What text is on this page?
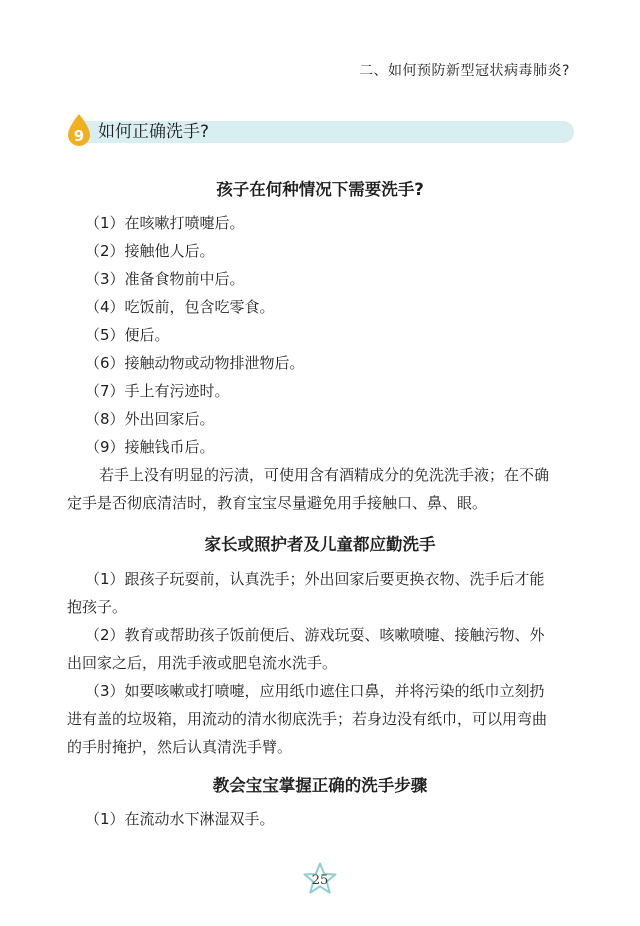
二、如何预防新型冠状病毒肺炎?
9 如何正确洗手?
孩子在何种情况下需要洗手?
（1）在咳嗽打喷嚏后。
（2）接触他人后。
（3）准备食物前中后。
（4）吃饭前，包含吃零食。
（5）便后。
（6）接触动物或动物排泄物后。
（7）手上有污迹时。
（8）外出回家后。
（9）接触钱币后。
若手上没有明显的污渍，可使用含有酒精成分的免洗洗手液；在不确
定手是否彻底清洁时，教育宝宝尽量避免用手接触口、鼻、眼。
家长或照护者及儿童都应勤洗手
（1）跟孩子玩耍前，认真洗手；外出回家后要更换衣物、洗手后才能
抱孩子。
（2）教育或帮助孩子饭前便后、游戏玩耍、咳嗽喷嚏、接触污物、外
出回家之后，用洗手液或肥皂流水洗手。
（3）如要咳嗽或打喷嚏，应用纸巾遮住口鼻，并将污染的纸巾立刻扔
进有盖的垃圾箱，用流动的清水彻底洗手；若身边没有纸巾，可以用弯曲
的手肘掩护，然后认真清洗手臂。
教会宝宝掌握正确的洗手步骤
（1）在流动水下淋湿双手。
25
